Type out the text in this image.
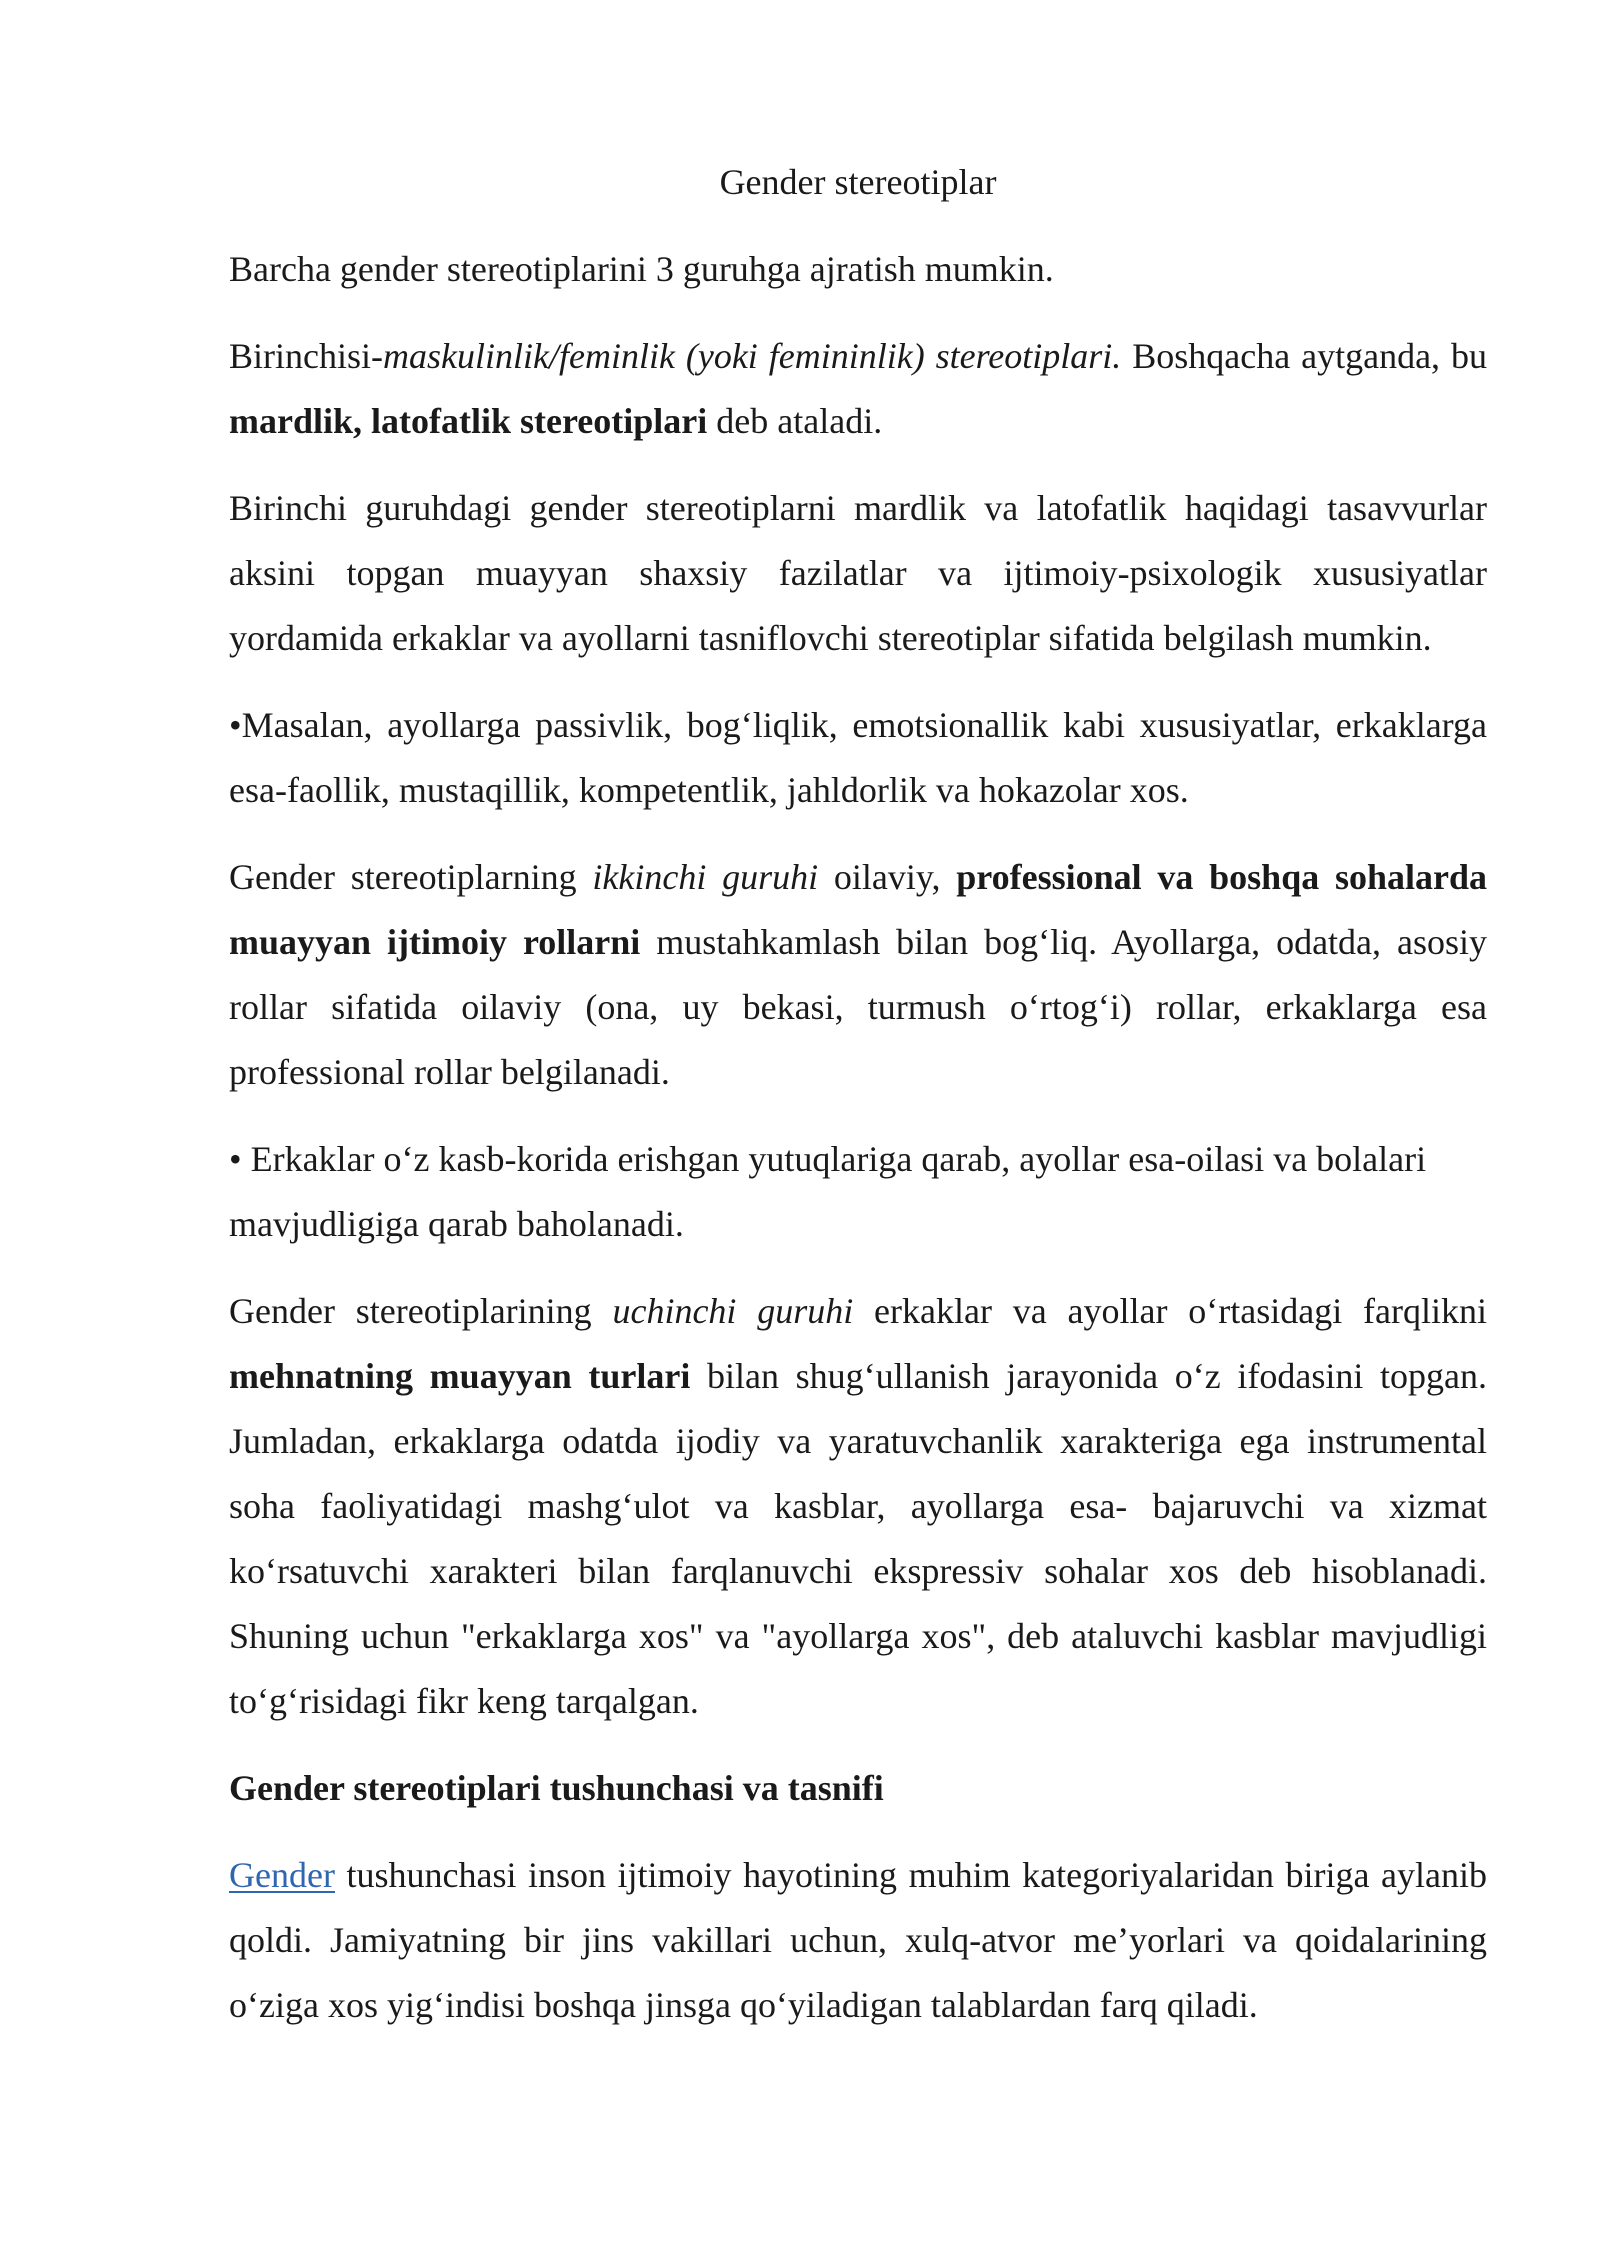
Gender stereotiplar

Barcha gender stereotiplarini 3 guruhga ajratish mumkin.

Birinchisi-maskulinlik/feminlik (yoki femininlik) stereotiplari. Boshqacha aytganda, bu mardlik, latofatlik stereotiplari deb ataladi.

Birinchi guruhdagi gender stereotiplarni mardlik va latofatlik haqidagi tasavvurlar aksini topgan muayyan shaxsiy fazilatlar va ijtimoiy-psixologik xususiyatlar yordamida erkaklar va ayollarni tasniflovchi stereotiplar sifatida belgilash mumkin.

•Masalan, ayollarga passivlik, bog‘liqlik, emotsionallik kabi xususiyatlar, erkaklarga esa-faollik, mustaqillik, kompetentlik, jahldorlik va hokazolar xos.

Gender stereotiplarning ikkinchi guruhi oilaviy, professional va boshqa sohalarda muayyan ijtimoiy rollarni mustahkamlash bilan bog‘liq. Ayollarga, odatda, asosiy rollar sifatida oilaviy (ona, uy bekasi, turmush o‘rtog‘i) rollar, erkaklarga esa professional rollar belgilanadi.

• Erkaklar o‘z kasb-korida erishgan yutuqlariga qarab, ayollar esa-oilasi va bolalari mavjudligiga qarab baholanadi.

Gender stereotiplarining uchinchi guruhi erkaklar va ayollar o‘rtasidagi farqlikni mehnatning muayyan turlari bilan shug‘ullanish jarayonida o‘z ifodasini topgan. Jumladan, erkaklarga odatda ijodiy va yaratuvchanlik xarakteriga ega instrumental soha faoliyatidagi mashg‘ulot va kasblar, ayollarga esa- bajaruvchi va xizmat ko‘rsatuvchi xarakteri bilan farqlanuvchi ekspressiv sohalar xos deb hisoblanadi. Shuning uchun "erkaklarga xos" va "ayollarga xos", deb ataluvchi kasblar mavjudligi to‘g‘risidagi fikr keng tarqalgan.

Gender stereotiplari tushunchasi va tasnifi

Gender tushunchasi inson ijtimoiy hayotining muhim kategoriyalaridan biriga aylanib qoldi. Jamiyatning bir jins vakillari uchun, xulq-atvor me’yorlari va qoidalarining o‘ziga xos yig‘indisi boshqa jinsga qo‘yiladigan talablardan farq qiladi.
